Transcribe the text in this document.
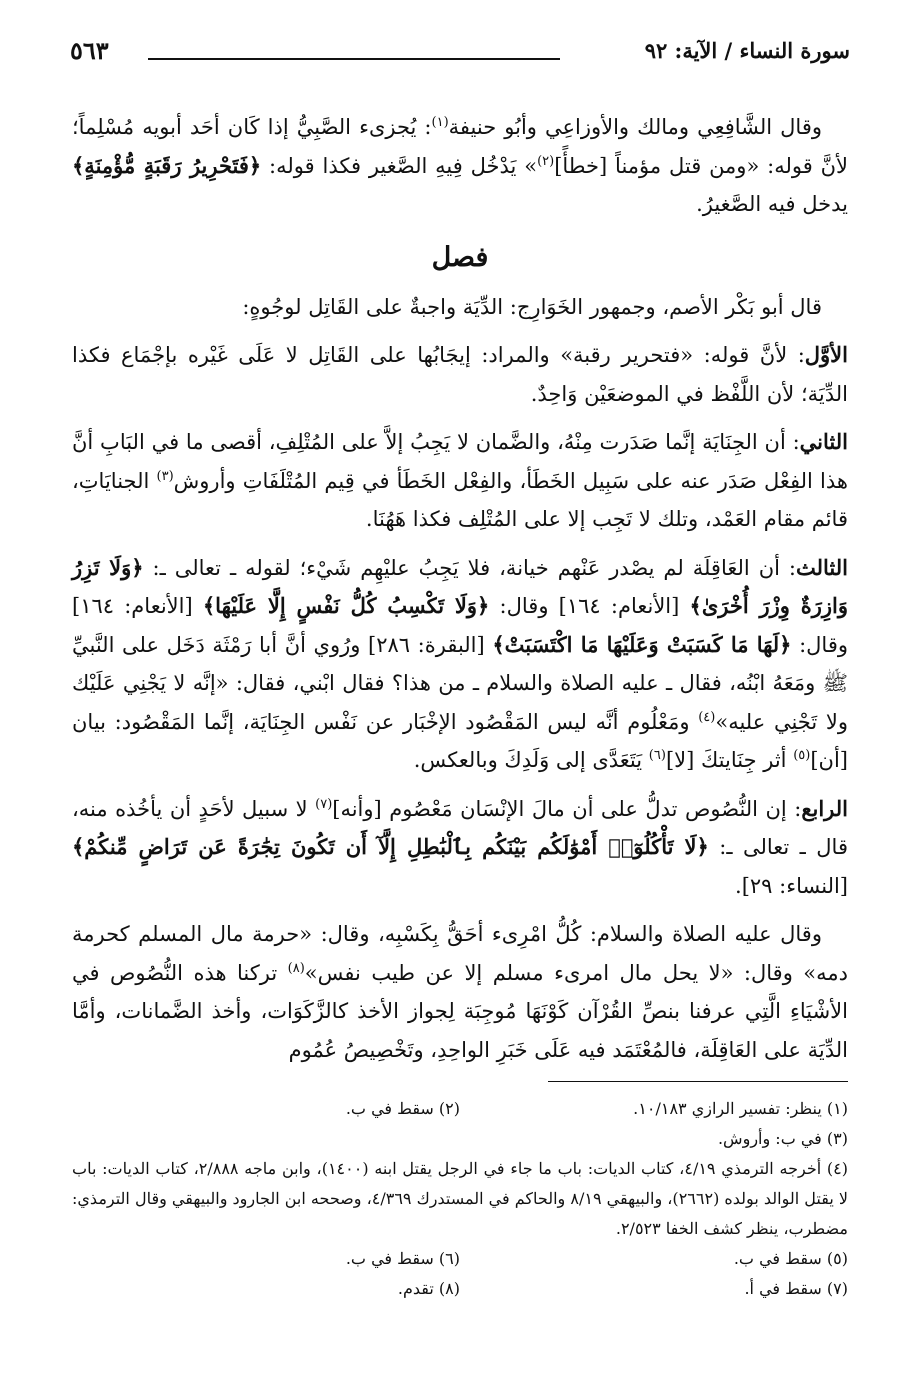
سورة النساء / الآية: ٩٢
٥٦٣

وقال الشَّافِعِي ومالك والأوزاعِي وأبُو حنيفة$^{(١)}$: يُجزىء الصَّبِيُّ إذا كَان أحَد أبويه مُسْلِماً؛ لأنَّ قوله: «ومن قتل مؤمناً [خطأً]$^{(٢)}$» يَدْخُل فِيهِ الصَّغير فكذا قوله: ﴿فَتَحْرِيرُ رَقَبَةٍ مُّؤْمِنَةٍ﴾ يدخل فيه الصَّغيرُ.

فصل

قال أبو بَكْر الأصم، وجمهور الخَوَارِج: الدِّيَة واجبةٌ على القَاتِل لوجُوهٍ:

الأوَّل: لأنَّ قوله: «فتحرير رقبة» والمراد: إيجَابُها على القَاتِل لا عَلَى غَيْره بإجْمَاع فكذا الدِّيَة؛ لأن اللَّفْظ في الموضعَيْن وَاحِدٌ.

الثاني: أن الجِنَايَة إنَّما صَدَرت مِنْهُ، والضَّمان لا يَجِبُ إلاَّ على المُتْلِفِ، أقصى ما في البَابِ أنَّ هذا الفِعْل صَدَر عنه على سَبِيل الخَطَأ، والفِعْل الخَطَأ في قِيم المُتْلَفَاتِ وأروش$^{(٣)}$ الجنايَاتِ، قائم مقام العَمْد، وتلك لا تَجِب إلا على المُتْلِف فكذا هَهُنَا.

الثالث: أن العَاقِلَة لم يصْدر عَنْهم خيانة، فلا يَجِبُ عليْهِم شَيْء؛ لقوله ـ تعالى ـ: ﴿وَلَا تَزِرُ وَازِرَةٌ وِزْرَ أُخْرَىٰ﴾ [الأنعام: ١٦٤] وقال: ﴿وَلَا تَكْسِبُ كُلُّ نَفْسٍ إِلَّا عَلَيْهَا﴾ [الأنعام: ١٦٤] وقال: ﴿لَهَا مَا كَسَبَتْ وَعَلَيْهَا مَا اكْتَسَبَتْ﴾ [البقرة: ٢٨٦] ورُوي أنَّ أبا رَمْثَة دَخَل على النَّبيِّ ﷺ ومَعَهُ ابْنُه، فقال ـ عليه الصلاة والسلام ـ من هذا؟ فقال ابْني، فقال: «إنَّه لا يَجْنِي عَلَيْك ولا تَجْنِي عليه»$^{(٤)}$ ومَعْلُوم أنَّه ليس المَقْصُود الإخْبَار عن نَفْس الجِنَايَة، إنَّما المَقْصُود: بيان [أن]$^{(٥)}$ أثر جِنَايتكَ [لا]$^{(٦)}$ يَتَعَدَّى إلى وَلَدِكَ وبالعكس.

الرابع: إن النُّصُوص تدلُّ على أن مالَ الإنْسَان مَعْصُوم [وأنه]$^{(٧)}$ لا سبيل لأحَدٍ أن يأخُذه منه، قال ـ تعالى ـ: ﴿لَا تَأْكُلُوٓا۟ أَمْوَٰلَكُم بَيْنَكُم بِٱلْبَٰطِلِ إِلَّآ أَن تَكُونَ تِجَٰرَةً عَن تَرَاضٍ مِّنكُمْ﴾ [النساء: ٢٩].

وقال عليه الصلاة والسلام: كُلُّ امْرِىء أحَقُّ بِكَسْبِه، وقال: «حرمة مال المسلم كحرمة دمه» وقال: «لا يحل مال امرىء مسلم إلا عن طيب نفس»$^{(٨)}$ تركنا هذه النُّصُوص في الأشْيَاءِ الَّتِي عرفنا بنصِّ القُرْآن كَوْنَهَا مُوجِبَة لِجواز الأخذ كالزَّكَوَات، وأخذ الضَّمانات، وأمَّا الدِّيَة على العَاقِلَة، فالمُعْتَمَد فيه عَلَى خَبَرِ الواحِدِ، وتَخْصِيصُ عُمُوم

(١) ينظر: تفسير الرازي ١٠/١٨٣.
(٢) سقط في ب.
(٣) في ب: وأروش.
(٤) أخرجه الترمذي ٤/١٩، كتاب الديات: باب ما جاء في الرجل يقتل ابنه (١٤٠٠)، وابن ماجه ٢/٨٨٨، كتاب الديات: باب لا يقتل الوالد بولده (٢٦٦٢)، والبيهقي ٨/١٩ والحاكم في المستدرك ٤/٣٦٩، وصححه ابن الجارود والبيهقي وقال الترمذي: مضطرب، ينظر كشف الخفا ٢/٥٢٣.
(٥) سقط في ب.
(٦) سقط في ب.
(٧) سقط في أ.
(٨) تقدم.
